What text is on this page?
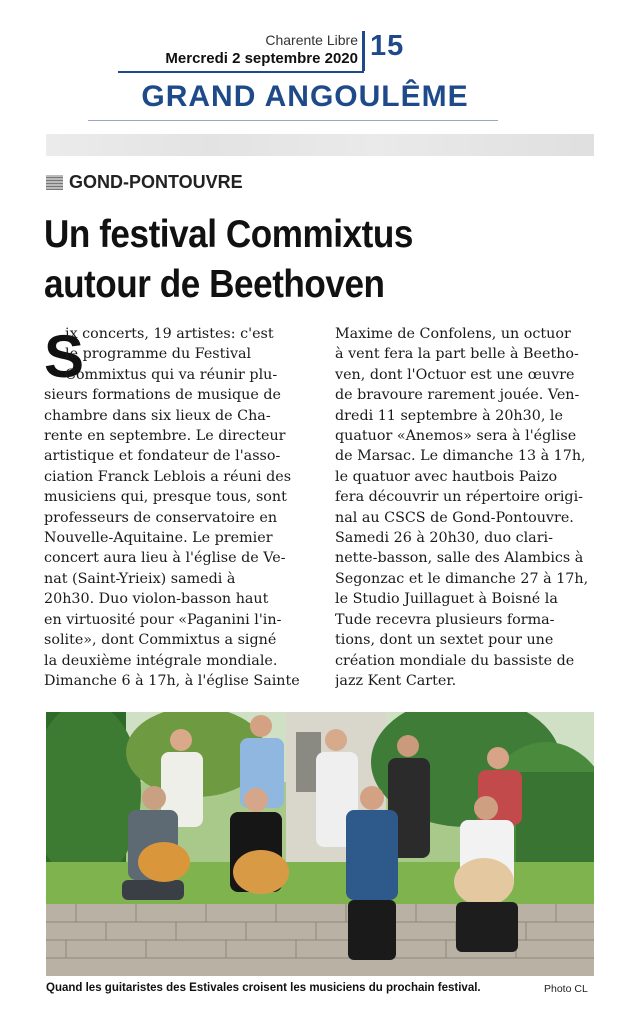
Charente Libre
Mercredi 2 septembre 2020 15
GRAND ANGOULÊME
GOND-PONTOUVRE
Un festival Commixtus
autour de Beethoven
S
ix concerts, 19 artistes: c'est
le programme du Festival
Commixtus qui va réunir plu-
sieurs formations de musique de
chambre dans six lieux de Cha-
rente en septembre. Le directeur
artistique et fondateur de l'asso-
ciation Franck Leblois a réuni des
musiciens qui, presque tous, sont
professeurs de conservatoire en
Nouvelle-Aquitaine. Le premier
concert aura lieu à l'église de Ve-
nat (Saint-Yrieix) samedi à
20h30. Duo violon-basson haut
en virtuosité pour «Paganini l'in-
solite», dont Commixtus a signé
la deuxième intégrale mondiale.
Dimanche 6 à 17h, à l'église Sainte
Maxime de Confolens, un octuor
à vent fera la part belle à Beetho-
ven, dont l'Octuor est une œuvre
de bravoure rarement jouée. Ven-
dredi 11 septembre à 20h30, le
quatuor «Anemos» sera à l'église
de Marsac. Le dimanche 13 à 17h,
le quatuor avec hautbois Paizo
fera découvrir un répertoire origi-
nal au CSCS de Gond-Pontouvre.
Samedi 26 à 20h30, duo clari-
nette-basson, salle des Alambics à
Segonzac et le dimanche 27 à 17h,
le Studio Juillaguet à Boisné la
Tude recevra plusieurs forma-
tions, dont un sextet pour une
création mondiale du bassiste de
jazz Kent Carter.
Quand les guitaristes des Estivales croisent les musiciens du prochain festival.	Photo CL
